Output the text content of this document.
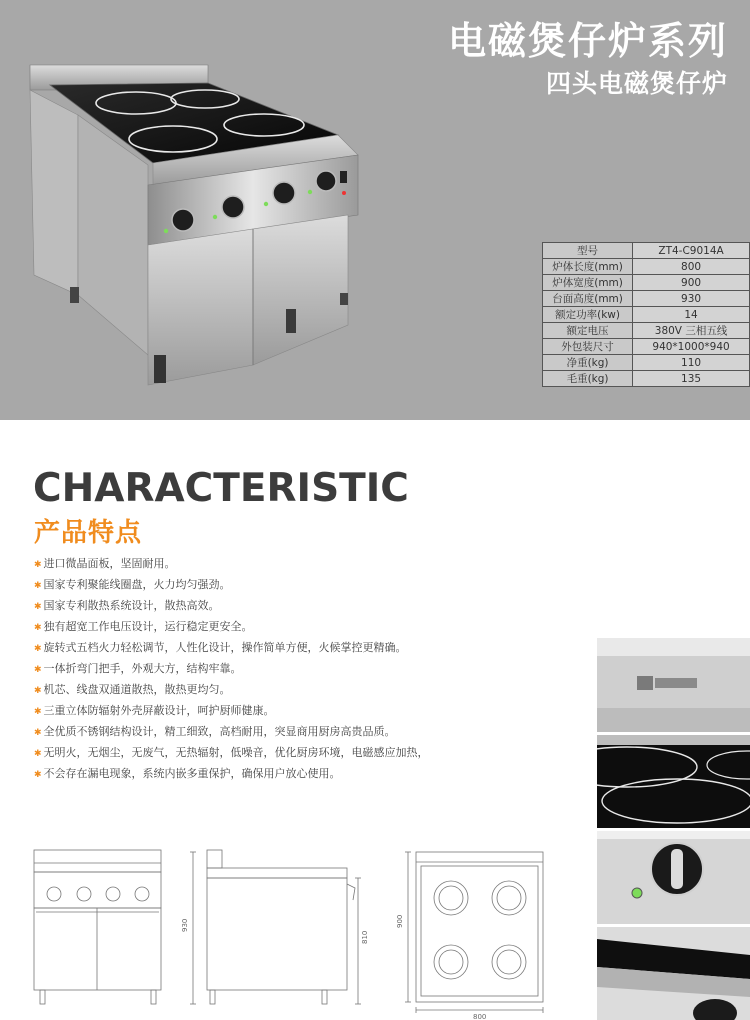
电磁煲仔炉系列
四头电磁煲仔炉
型号	ZT4-C9014A
炉体长度(mm)	800
炉体宽度(mm)	900
台面高度(mm)	930
额定功率(kw)	14
额定电压	380V 三相五线
外包装尺寸	940*1000*940
净重(kg)	110
毛重(kg)	135
CHARACTERISTIC
产品特点
✱ 进口微晶面板，坚固耐用。
✱ 国家专利聚能线圈盘，火力均匀强劲。
✱ 国家专利散热系统设计，散热高效。
✱ 独有超宽工作电压设计，运行稳定更安全。
✱ 旋转式五档火力轻松调节，人性化设计，操作简单方便，火候掌控更精确。
✱ 一体折弯门把手，外观大方，结构牢靠。
✱ 机芯、线盘双通道散热，散热更均匀。
✱ 三重立体防辐射外壳屏蔽设计，呵护厨师健康。
✱ 全优质不锈钢结构设计，精工细致，高档耐用，突显商用厨房高贵品质。
✱ 无明火，无烟尘，无废气，无热辐射，低噪音，优化厨房环境，电磁感应加热，
✱ 不会存在漏电现象，系统内嵌多重保护，确保用户放心使用。
930
810
900
800
